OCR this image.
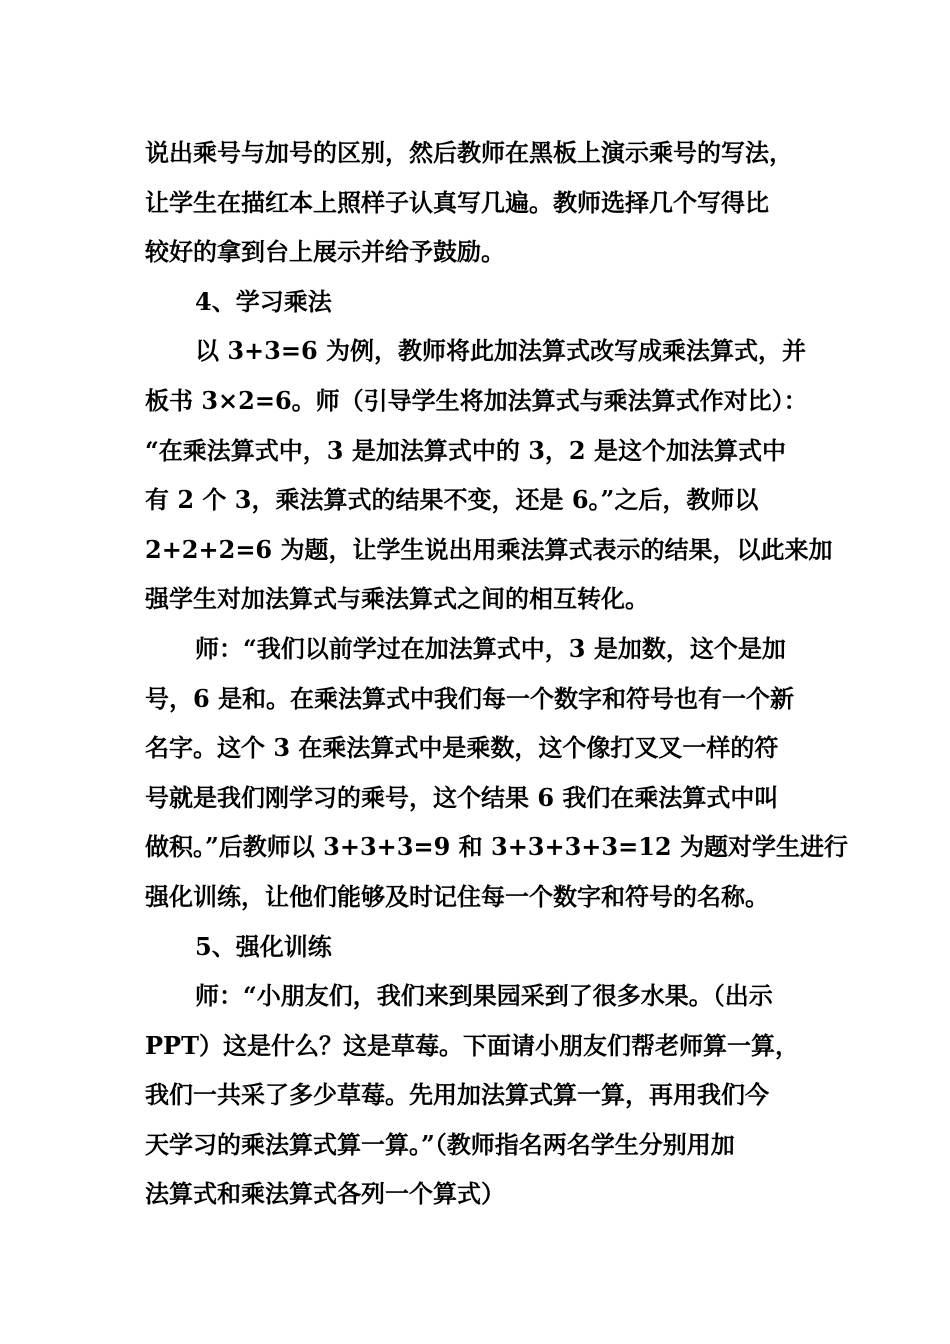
说出乘号与加号的区别，然后教师在黑板上演示乘号的写法，
让学生在描红本上照样子认真写几遍。教师选择几个写得比
较好的拿到台上展示并给予鼓励。
4、学习乘法
以 3+3=6 为例，教师将此加法算式改写成乘法算式，并
板书 3×2=6。师（引导学生将加法算式与乘法算式作对比）：
“在乘法算式中，3 是加法算式中的 3，2 是这个加法算式中
有 2 个 3，乘法算式的结果不变，还是 6。”之后，教师以
2+2+2=6 为题，让学生说出用乘法算式表示的结果，以此来加
强学生对加法算式与乘法算式之间的相互转化。
师：“我们以前学过在加法算式中，3 是加数，这个是加
号，6 是和。在乘法算式中我们每一个数字和符号也有一个新
名字。这个 3 在乘法算式中是乘数，这个像打叉叉一样的符
号就是我们刚学习的乘号，这个结果 6 我们在乘法算式中叫
做积。”后教师以 3+3+3=9 和 3+3+3+3=12 为题对学生进行
强化训练，让他们能够及时记住每一个数字和符号的名称。
5、强化训练
师：“小朋友们，我们来到果园采到了很多水果。（出示
PPT）这是什么？这是草莓。下面请小朋友们帮老师算一算，
我们一共采了多少草莓。先用加法算式算一算，再用我们今
天学习的乘法算式算一算。”（教师指名两名学生分别用加
法算式和乘法算式各列一个算式）
